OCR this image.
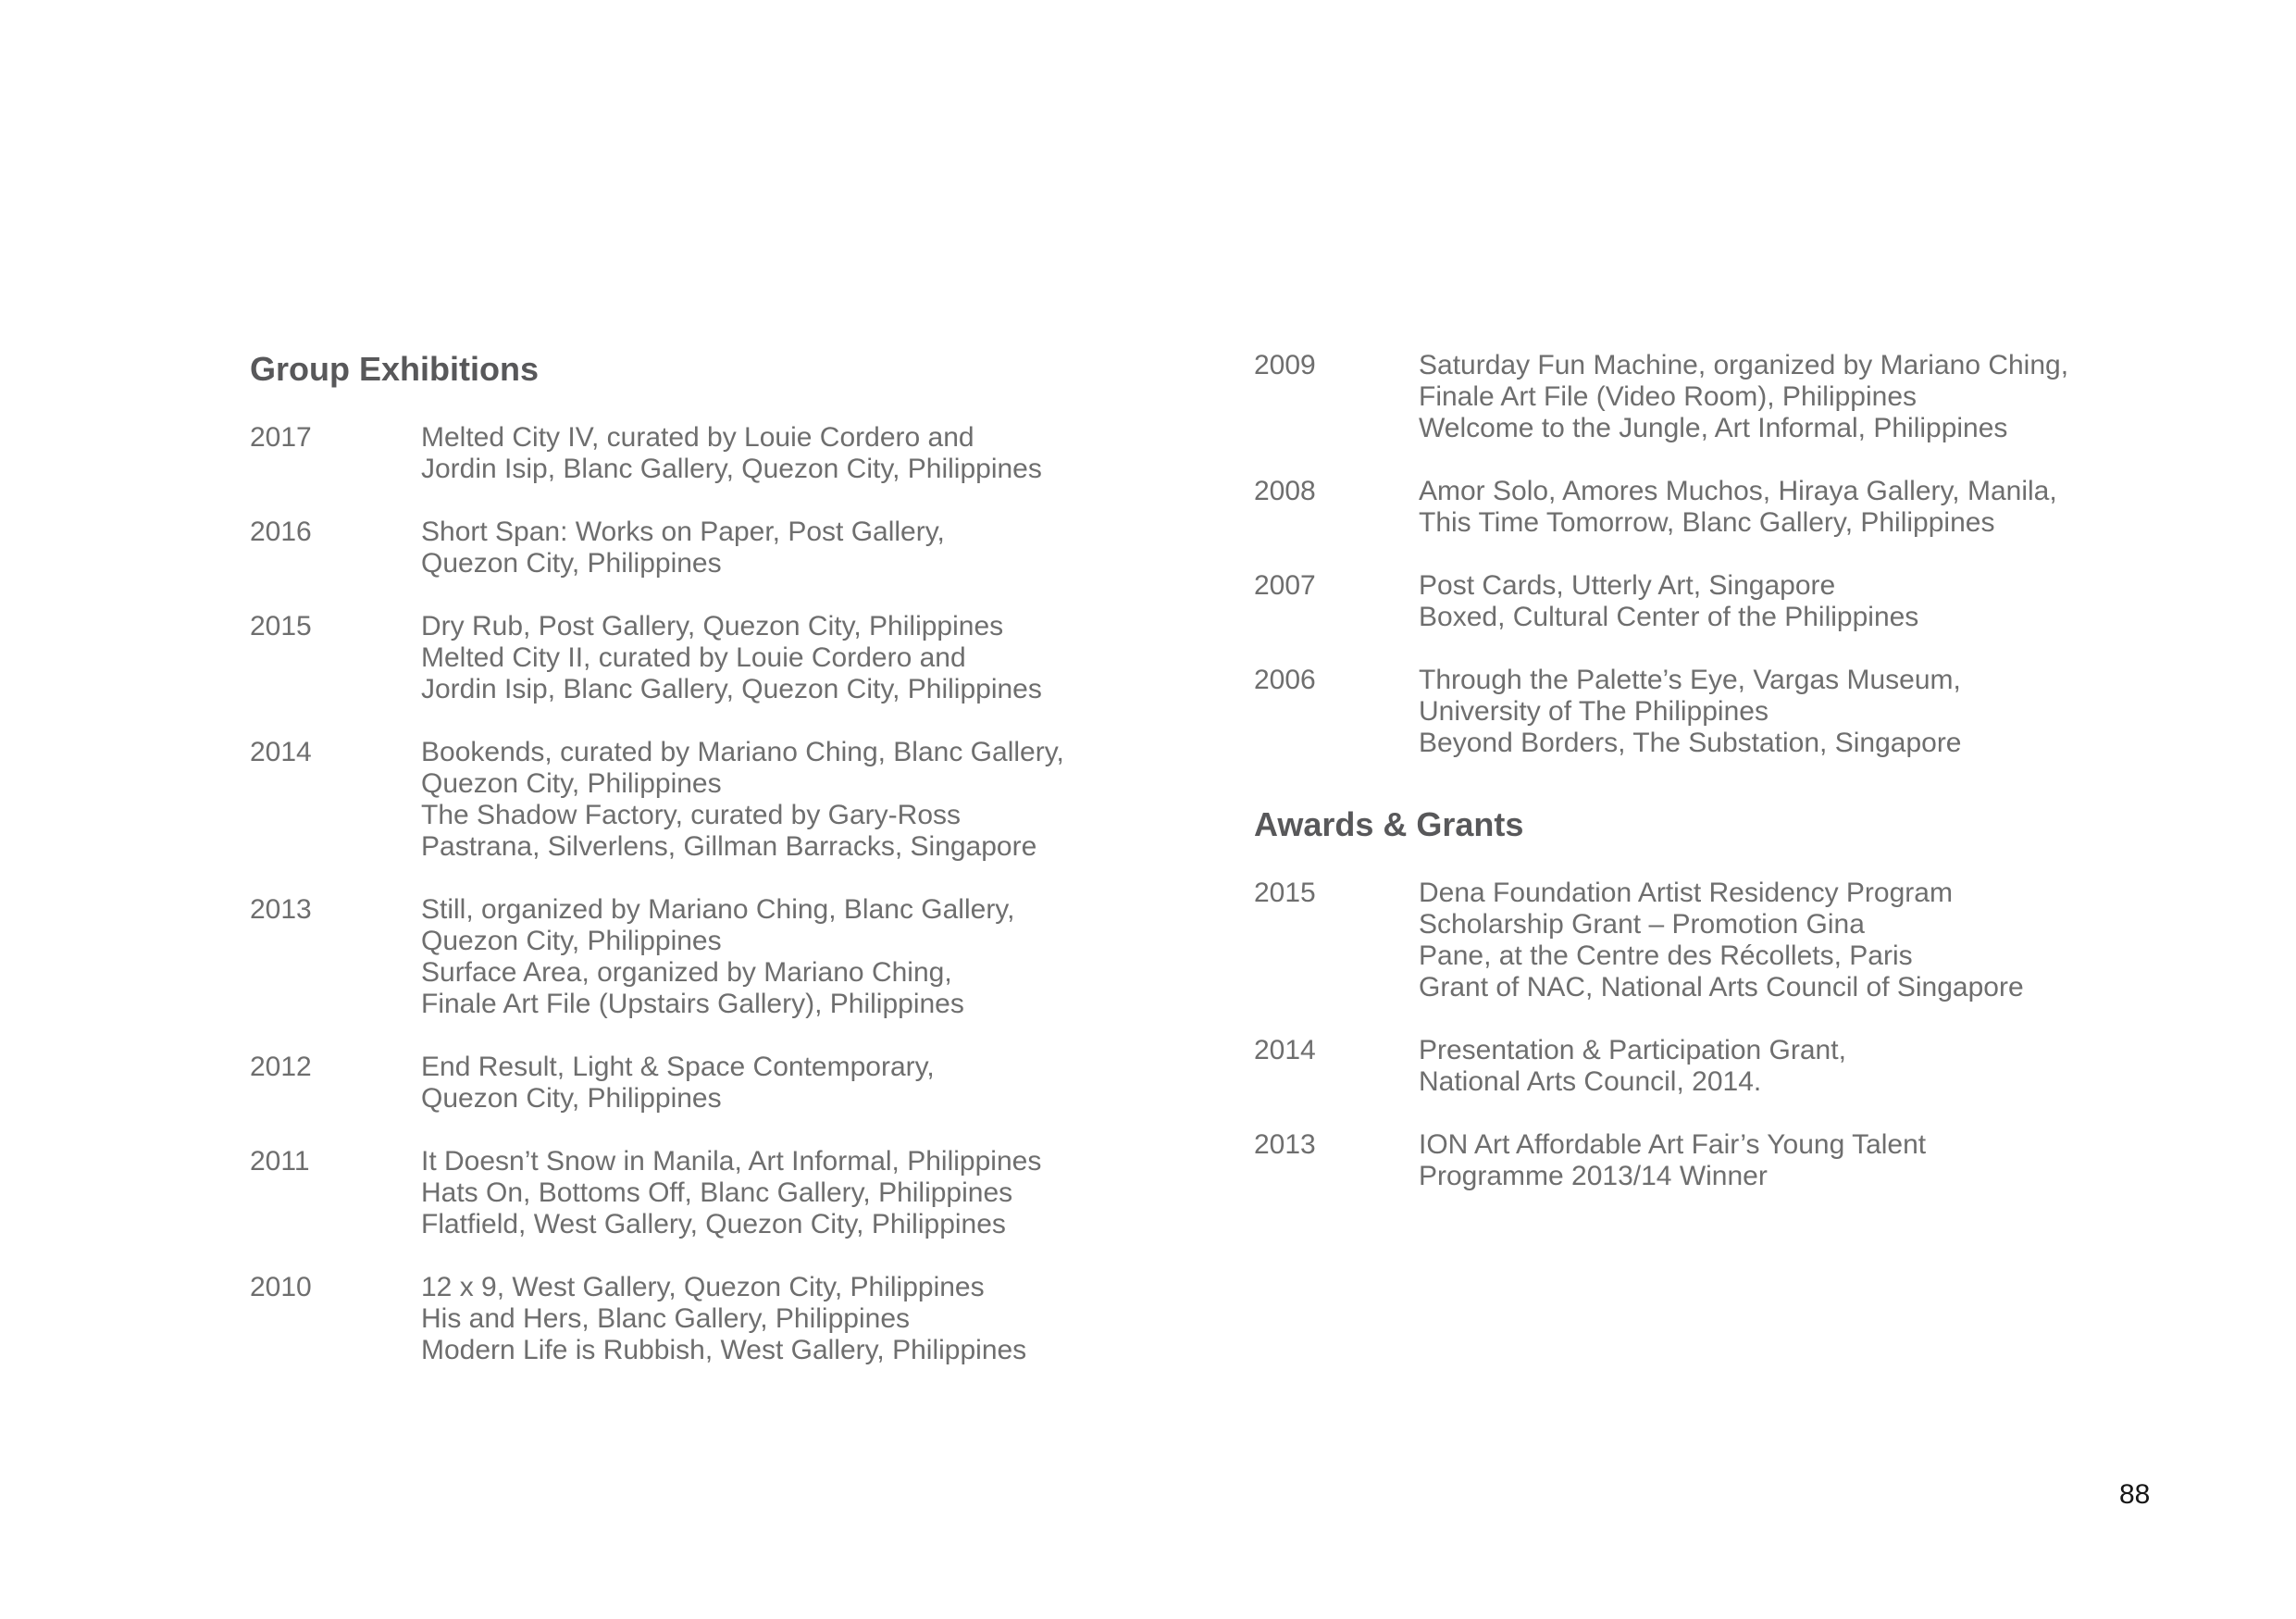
Group Exhibitions
2017	Melted City IV, curated by Louie Cordero and
Jordin Isip, Blanc Gallery, Quezon City, Philippines
2016	Short Span: Works on Paper, Post Gallery,
Quezon City, Philippines
2015	Dry Rub, Post Gallery, Quezon City, Philippines
Melted City II, curated by Louie Cordero and
Jordin Isip, Blanc Gallery, Quezon City, Philippines
2014	Bookends, curated by Mariano Ching, Blanc Gallery,
Quezon City, Philippines
The Shadow Factory, curated by Gary-Ross
Pastrana, Silverlens, Gillman Barracks, Singapore
2013	Still, organized by Mariano Ching, Blanc Gallery,
Quezon City, Philippines
Surface Area, organized by Mariano Ching,
Finale Art File (Upstairs Gallery), Philippines
2012	End Result, Light & Space Contemporary,
Quezon City, Philippines
2011	It Doesn’t Snow in Manila, Art Informal, Philippines
Hats On, Bottoms Off, Blanc Gallery, Philippines
Flatfield, West Gallery, Quezon City, Philippines
2010	12 x 9, West Gallery, Quezon City, Philippines
His and Hers, Blanc Gallery, Philippines
Modern Life is Rubbish, West Gallery, Philippines
2009	Saturday Fun Machine, organized by Mariano Ching,
Finale Art File (Video Room), Philippines
Welcome to the Jungle, Art Informal, Philippines
2008	Amor Solo, Amores Muchos, Hiraya Gallery, Manila,
This Time Tomorrow, Blanc Gallery, Philippines
2007	Post Cards, Utterly Art, Singapore
Boxed, Cultural Center of the Philippines
2006	Through the Palette’s Eye, Vargas Museum,
University of The Philippines
Beyond Borders, The Substation, Singapore
Awards & Grants
2015	Dena Foundation Artist Residency Program
Scholarship Grant – Promotion Gina
Pane, at the Centre des Récollets, Paris
Grant of NAC, National Arts Council of Singapore
2014	Presentation & Participation Grant,
National Arts Council, 2014.
2013	ION Art Affordable Art Fair’s Young Talent
Programme 2013/14 Winner
88
